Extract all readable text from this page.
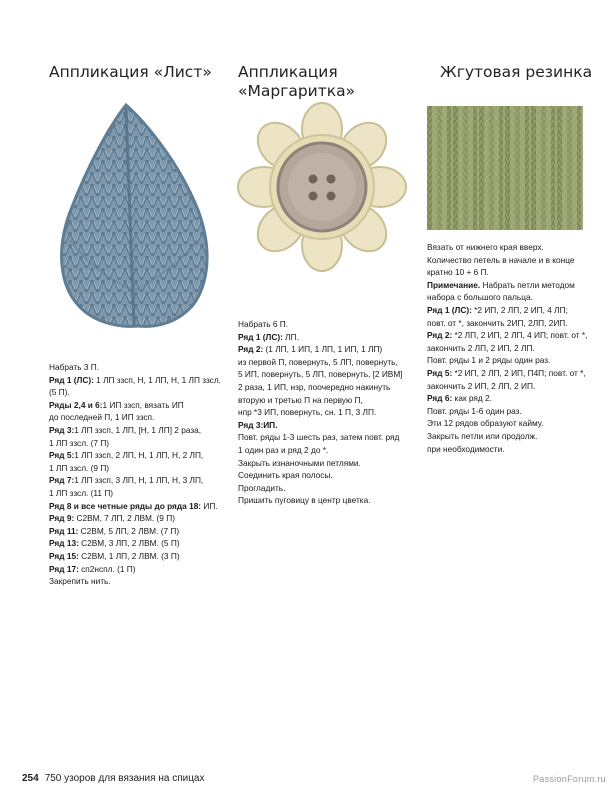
Аппликация «Лист» Аппликация
«Маргаритка»
Жгутовая резинка
Набрать 3 П.
Ряд 1 (ЛС): 1 ЛП ззсп, Н, 1 ЛП, Н, 1 ЛП ззсл.
(5 П).
Ряды 2,4 и 6:1 ИП ззсп, вязать ИП
до последней П, 1 ИП ззсп.
Ряд 3:1 ЛП ззсп, 1 ЛП, [Н, 1 ЛП] 2 раза,
1 ЛП ззсл. (7 П)
Ряд 5:1 ЛП ззсп, 2 ЛП, Н, 1 ЛП, Н, 2 ЛП,
1 ЛП ззсл. (9 П)
Ряд 7:1 ЛП ззсп, 3 ЛП, Н, 1 ЛП, Н, 3 ЛП,
1 ЛП ззсл. (11 П)
Ряд 8 и все четные ряды до ряда 18: ИП.
Ряд 9: С2ВМ, 7 ЛП, 2 ЛВМ. (9 П)
Ряд 11: С2ВМ, 5 ЛП, 2 ЛВМ. (7 П)
Ряд 13: С2ВМ, 3 ЛП, 2 ЛВМ. (5 П)
Ряд 15: С2ВМ, 1 ЛП, 2 ЛВМ. (3 П)
Ряд 17: сп2нспл. (1 П)
Закрепить нить.
Набрать 6 П.
Ряд 1 (ЛС): ЛП.
Ряд 2: (1 ЛП, 1 ИП, 1 ЛП, 1 ИП, 1 ЛП)
из первой П, повернуть, 5 ЛП, повернуть,
5 ИП, повернуть, 5 ЛП, повернуть, [2 ИВМ]
2 раза, 1 ИП, нзр, поочередно накинуть
вторую и третью П на первую П,
нпр *3 ИП, повернуть, сн. 1 П, 3 ЛП.
Ряд 3:ИП.
Повт. ряды 1-3 шесть раз, затем повт. ряд
1 один раз и ряд 2 до *.
Закрыть изнаночными петлями.
Соединить края полосы.
Прогладить.
Пришить пуговицу в центр цветка.
Вязать от нижнего края вверх.
Количество петель в начале и в конце
кратно 10 + 6 П.
Примечание. Набрать петли методом
набора с большого пальца.
Ряд 1 (ЛС): *2 ИП, 2 ЛП, 2 ИП, 4 ЛП;
повт. от *, закончить 2ИП, 2ЛП, 2ИП.
Ряд 2: *2 ЛП, 2 ИП, 2 ЛП, 4 ИП; повт. от *,
закончить 2 ЛП, 2 ИП, 2 ЛП.
Повт. ряды 1 и 2 ряды один раз.
Ряд 5: *2 ИП, 2 ЛП, 2 ИП, П4П; повт. от *,
закончить 2 ИП, 2 ЛП, 2 ИП.
Ряд 6: как ряд 2.
Повт. ряды 1-6 один раз.
Эти 12 рядов образуют кайму.
Закрыть петли или продолж.
при необходимости.
254 750 узоров для вязания на спицах	PassionForum.ru
